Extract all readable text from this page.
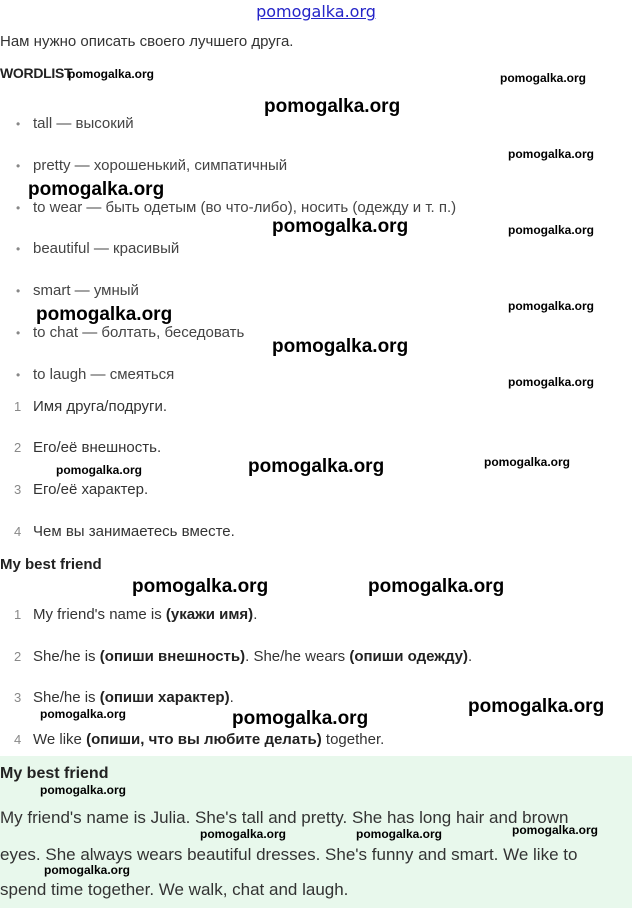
pomogalka.org
Нам нужно описать своего лучшего друга.
WORDLIST
• tall — высокий
• pretty — хорошенький, симпатичный
• to wear — быть одетым (во что-либо), носить (одежду и т. п.)
• beautiful — красивый
• smart — умный
• to chat — болтать, беседовать
• to laugh — смеяться
1 Имя друга/подруги.
2 Его/её внешность.
3 Его/её характер.
4 Чем вы занимаетесь вместе.
My best friend
1 My friend's name is (укажи имя).
2 She/he is (опиши внешность). She/he wears (опиши одежду).
3 She/he is (опиши характер).
4 We like (опиши, что вы любите делать) together.
My best friend
My friend's name is Julia. She's tall and pretty. She has long hair and brown
eyes. She always wears beautiful dresses. She's funny and smart. We like to
spend time together. We walk, chat and laugh.
pomogalka.org	pomogalka.org
pomogalka.org
pomogalka.org
pomogalka.org
pomogalka.org	pomogalka.org
pomogalka.org
pomogalka.org
pomogalka.org
pomogalka.org
pomogalka.org
pomogalka.org
pomogalka.org
pomogalka.org	pomogalka.org
pomogalka.org
pomogalka.org	pomogalka.org
pomogalka.org
pomogalka.org
pomogalka.org	pomogalka.org
pomogalka.org
